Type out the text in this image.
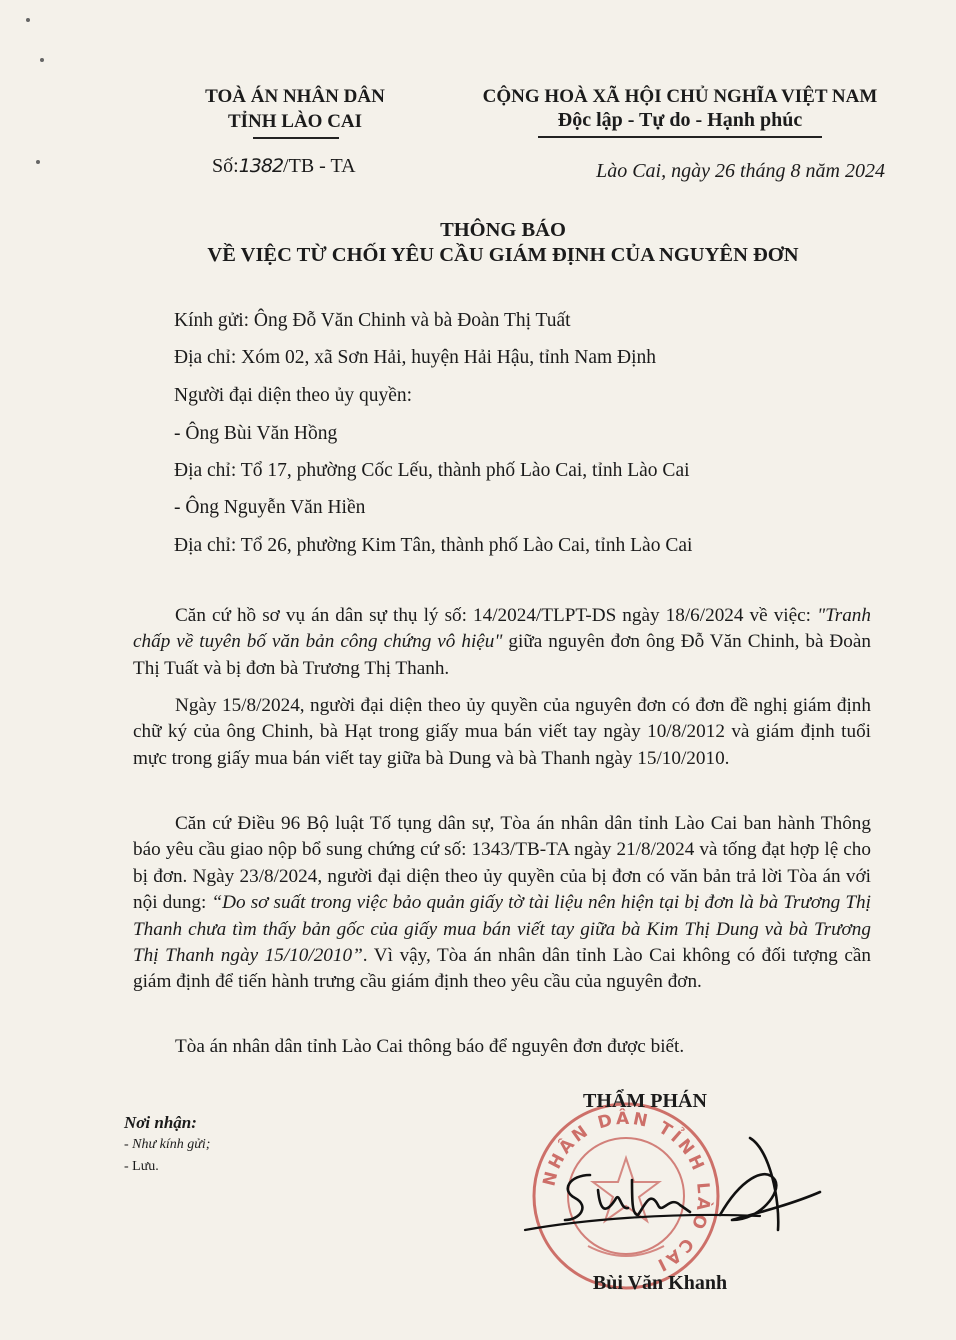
TOÀ ÁN NHÂN DÂN
TỈNH LÀO CAI
Số:1382/TB - TA
CỘNG HOÀ XÃ HỘI CHỦ NGHĨA VIỆT NAM
Độc lập - Tự do - Hạnh phúc
Lào Cai, ngày 26 tháng 8 năm 2024
THÔNG BÁO
VỀ VIỆC TỪ CHỐI YÊU CẦU GIÁM ĐỊNH CỦA NGUYÊN ĐƠN
Kính gửi: Ông Đỗ Văn Chinh và bà Đoàn Thị Tuất
Địa chỉ: Xóm 02, xã Sơn Hải, huyện Hải Hậu, tỉnh Nam Định
Người đại diện theo ủy quyền:
- Ông Bùi Văn Hồng
Địa chỉ: Tổ 17, phường Cốc Lếu, thành phố Lào Cai, tỉnh Lào Cai
- Ông Nguyễn Văn Hiền
Địa chỉ: Tổ 26, phường Kim Tân, thành phố Lào Cai, tỉnh Lào Cai
Căn cứ hồ sơ vụ án dân sự thụ lý số: 14/2024/TLPT-DS ngày 18/6/2024 về việc: "Tranh chấp về tuyên bố văn bản công chứng vô hiệu" giữa nguyên đơn ông Đỗ Văn Chinh, bà Đoàn Thị Tuất và bị đơn bà Trương Thị Thanh.
Ngày 15/8/2024, người đại diện theo ủy quyền của nguyên đơn có đơn đề nghị giám định chữ ký của ông Chinh, bà Hạt trong giấy mua bán viết tay ngày 10/8/2012 và giám định tuổi mực trong giấy mua bán viết tay giữa bà Dung và bà Thanh ngày 15/10/2010.
Căn cứ Điều 96 Bộ luật Tố tụng dân sự, Tòa án nhân dân tỉnh Lào Cai ban hành Thông báo yêu cầu giao nộp bổ sung chứng cứ số: 1343/TB-TA ngày 21/8/2024 và tống đạt hợp lệ cho bị đơn. Ngày 23/8/2024, người đại diện theo ủy quyền của bị đơn có văn bản trả lời Tòa án với nội dung: “Do sơ suất trong việc bảo quản giấy tờ tài liệu nên hiện tại bị đơn là bà Trương Thị Thanh chưa tìm thấy bản gốc của giấy mua bán viết tay giữa bà Kim Thị Dung và bà Trương Thị Thanh ngày 15/10/2010”. Vì vậy, Tòa án nhân dân tỉnh Lào Cai không có đối tượng cần giám định để tiến hành trưng cầu giám định theo yêu cầu của nguyên đơn.
Tòa án nhân dân tỉnh Lào Cai thông báo để nguyên đơn được biết.
Nơi nhận:
- Như kính gửi;
- Lưu.
NHÂN DÂN TỈNH LÀO CAI
THẨM PHÁN
Bùi Văn Khanh
